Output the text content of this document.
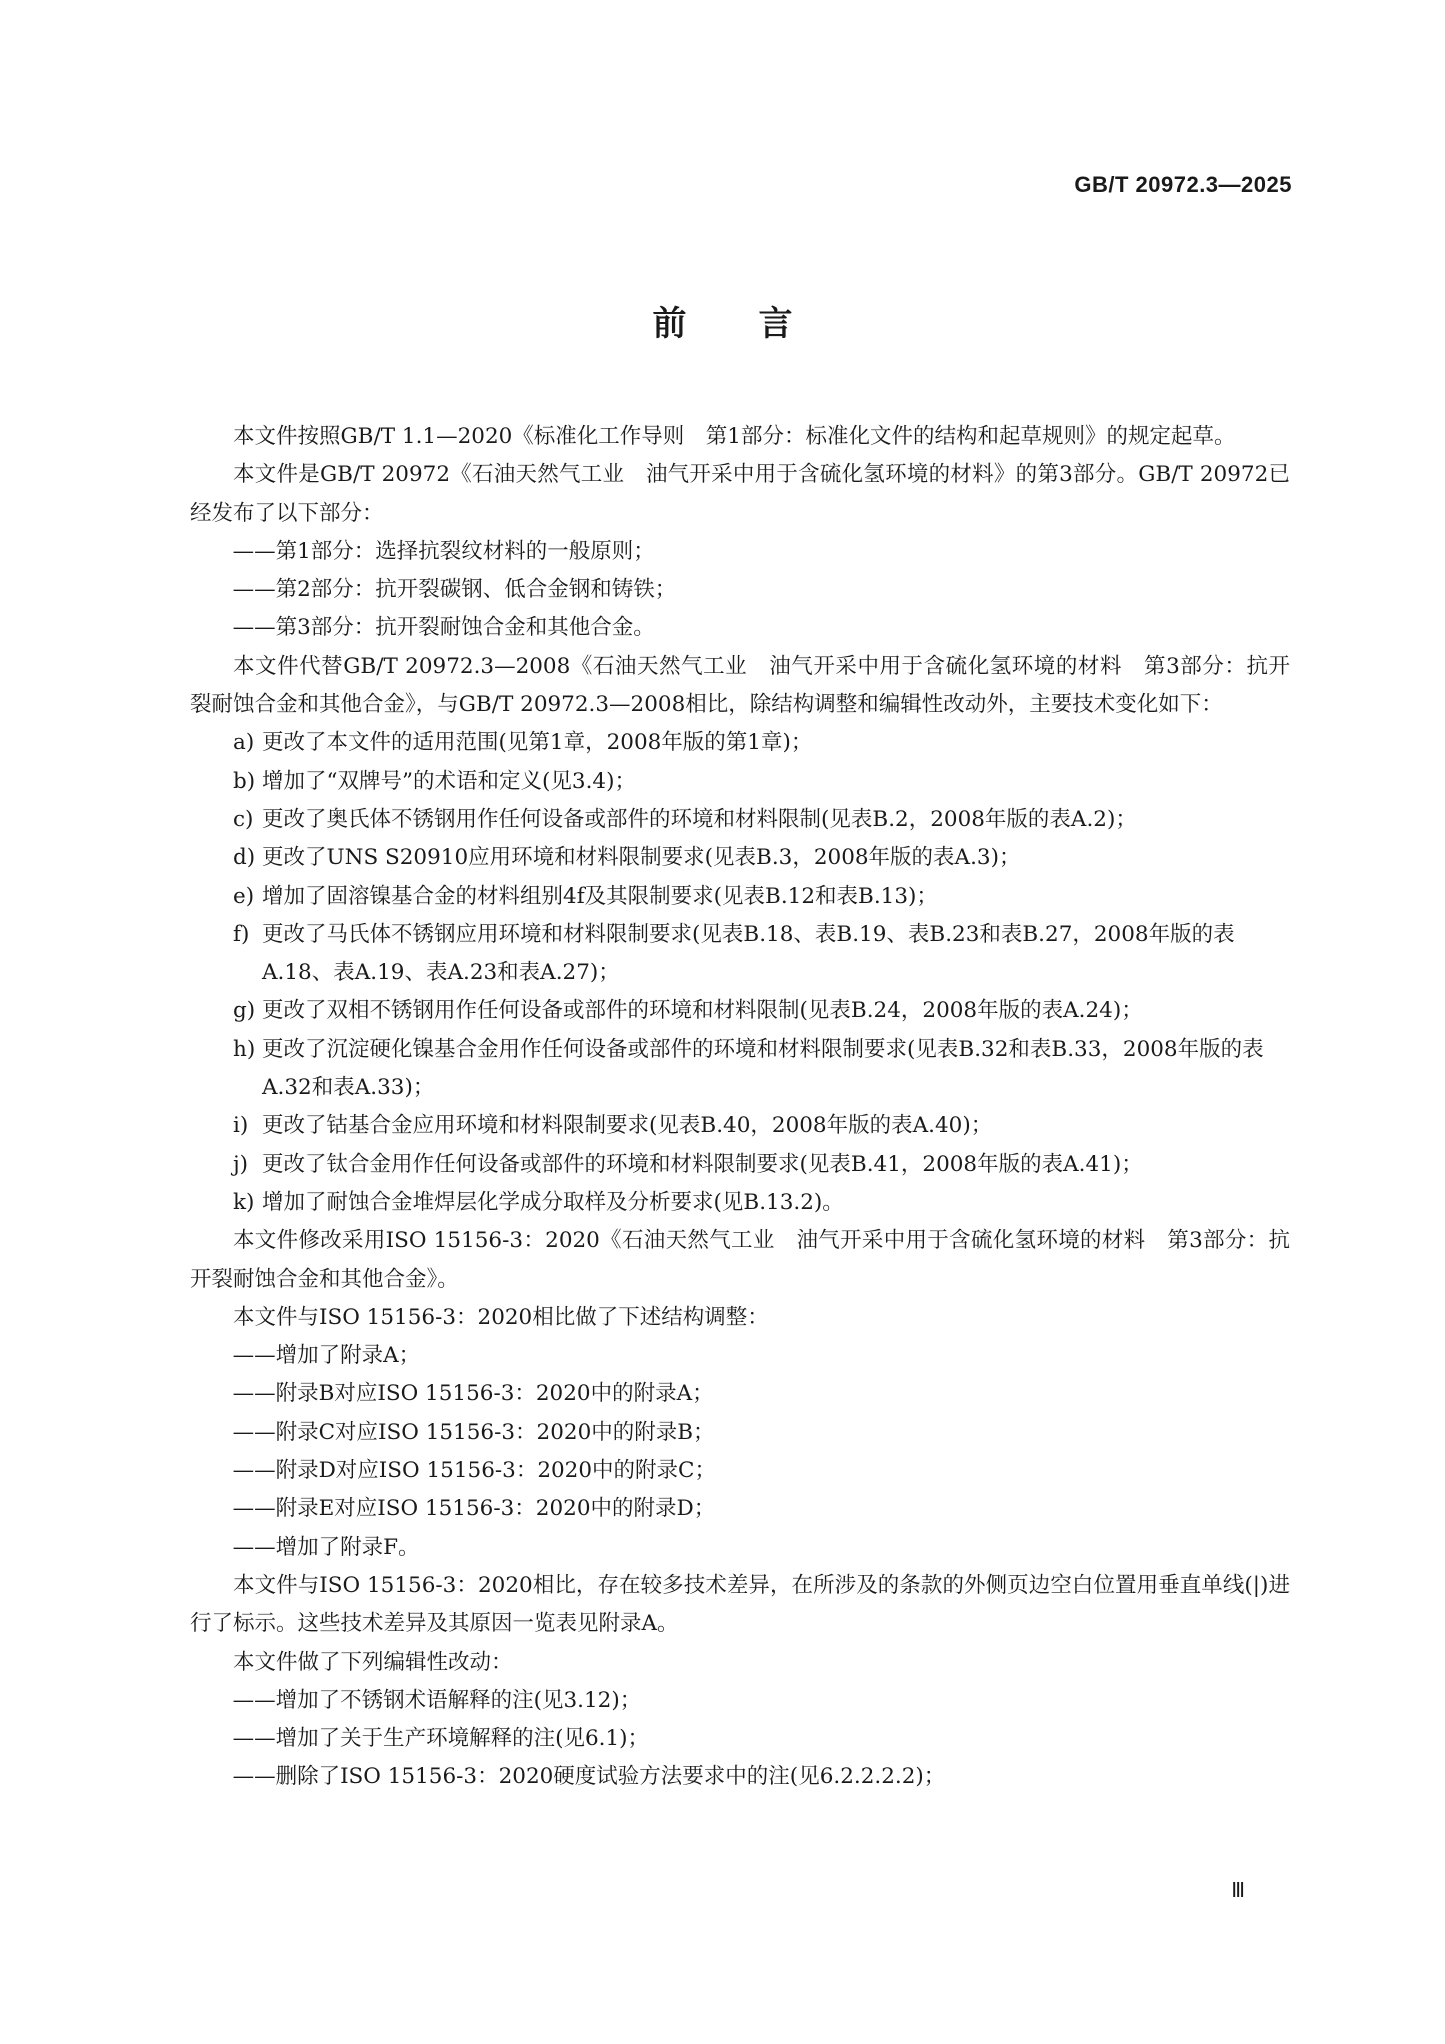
GB/T 20972.3—2025
前言

本文件按照GB/T 1.1—2020《标准化工作导则　第1部分：标准化文件的结构和起草规则》的规定起草。

本文件是GB/T 20972《石油天然气工业　油气开采中用于含硫化氢环境的材料》的第3部分。GB/T 20972已经发布了以下部分：

——第1部分：选择抗裂纹材料的一般原则；

——第2部分：抗开裂碳钢、低合金钢和铸铁；

——第3部分：抗开裂耐蚀合金和其他合金。

本文件代替GB/T 20972.3—2008《石油天然气工业　油气开采中用于含硫化氢环境的材料　第3部分：抗开裂耐蚀合金和其他合金》，与GB/T 20972.3—2008相比，除结构调整和编辑性改动外，主要技术变化如下：

a) 更改了本文件的适用范围(见第1章，2008年版的第1章)；

b) 增加了“双牌号”的术语和定义(见3.4)；

c) 更改了奥氏体不锈钢用作任何设备或部件的环境和材料限制(见表B.2，2008年版的表A.2)；

d) 更改了UNS S20910应用环境和材料限制要求(见表B.3，2008年版的表A.3)；

e) 增加了固溶镍基合金的材料组别4f及其限制要求(见表B.12和表B.13)；

f) 更改了马氏体不锈钢应用环境和材料限制要求(见表B.18、表B.19、表B.23和表B.27，2008年版的表A.18、表A.19、表A.23和表A.27)；

g) 更改了双相不锈钢用作任何设备或部件的环境和材料限制(见表B.24，2008年版的表A.24)；

h) 更改了沉淀硬化镍基合金用作任何设备或部件的环境和材料限制要求(见表B.32和表B.33，2008年版的表A.32和表A.33)；

i) 更改了钴基合金应用环境和材料限制要求(见表B.40，2008年版的表A.40)；

j) 更改了钛合金用作任何设备或部件的环境和材料限制要求(见表B.41，2008年版的表A.41)；

k) 增加了耐蚀合金堆焊层化学成分取样及分析要求(见B.13.2)。

本文件修改采用ISO 15156-3：2020《石油天然气工业　油气开采中用于含硫化氢环境的材料　第3部分：抗开裂耐蚀合金和其他合金》。

本文件与ISO 15156-3：2020相比做了下述结构调整：

——增加了附录A；

——附录B对应ISO 15156-3：2020中的附录A；

——附录C对应ISO 15156-3：2020中的附录B；

——附录D对应ISO 15156-3：2020中的附录C；

——附录E对应ISO 15156-3：2020中的附录D；

——增加了附录F。

本文件与ISO 15156-3：2020相比，存在较多技术差异，在所涉及的条款的外侧页边空白位置用垂直单线(|)进行了标示。这些技术差异及其原因一览表见附录A。

本文件做了下列编辑性改动：

——增加了不锈钢术语解释的注(见3.12)；

——增加了关于生产环境解释的注(见6.1)；

——删除了ISO 15156-3：2020硬度试验方法要求中的注(见6.2.2.2.2)；

Ⅲ
